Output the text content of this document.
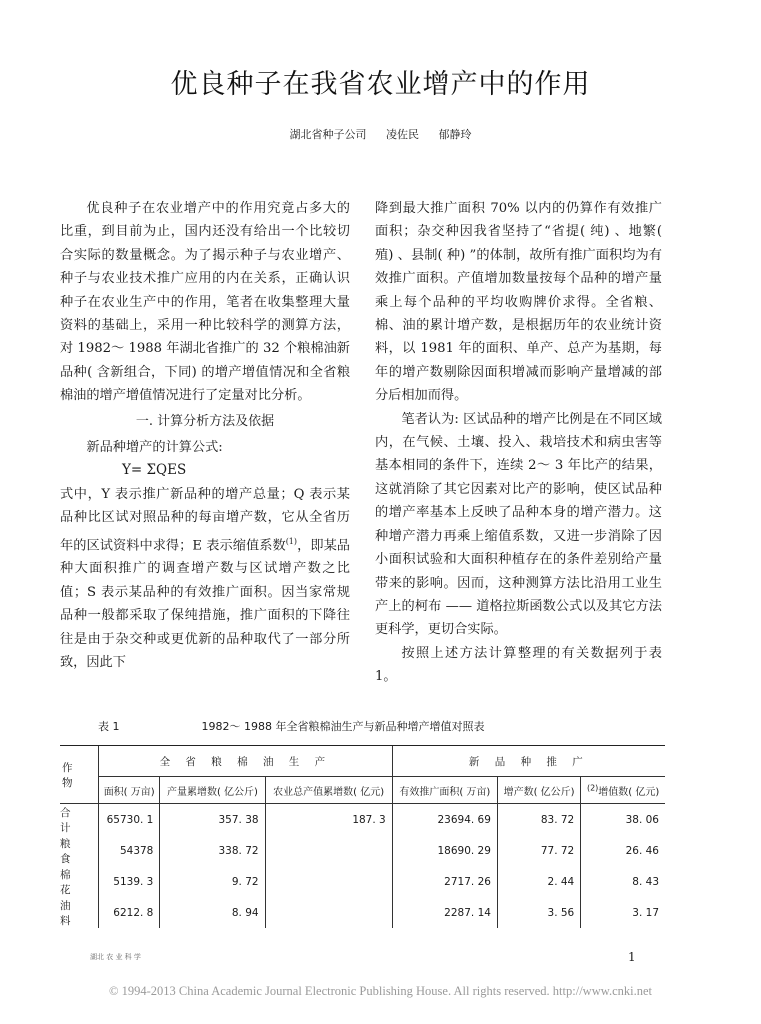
优良种子在我省农业增产中的作用
湖北省种子公司 凌佐民 郁静玲

优良种子在农业增产中的作用究竟占多大的比重，到目前为止，国内还没有给出一个比较切合实际的数量概念。为了揭示种子与农业增产、种子与农业技术推广应用的内在关系，正确认识种子在农业生产中的作用，笔者在收集整理大量资料的基础上，采用一种比较科学的测算方法，对 1982～ 1988 年湖北省推广的 32 个粮棉油新品种( 含新组合，下同) 的增产增值情况和全省粮棉油的增产增值情况进行了定量对比分析。

一. 计算分析方法及依据

新品种增产的计算公式:

Y= ΣQES

式中，Y 表示推广新品种的增产总量；Q 表示某品种比区试对照品种的每亩增产数，它从全省历年的区试资料中求得；E 表示缩值系数$^{(1)}$，即某品种大面积推广的调查增产数与区试增产数之比值；S 表示某品种的有效推广面积。因当家常规品种一般都采取了保纯措施，推广面积的下降往往是由于杂交种或更优新的品种取代了一部分所致，因此下

降到最大推广面积 70% 以内的仍算作有效推广面积；杂交种因我省坚持了“省提( 纯) 、地繁( 殖) 、县制( 种) ”的体制，故所有推广面积均为有效推广面积。产值增加数量按每个品种的增产量乘上每个品种的平均收购牌价求得。全省粮、棉、油的累计增产数，是根据历年的农业统计资料，以 1981 年的面积、单产、总产为基期，每年的增产数剔除因面积增减而影响产量增减的部分后相加而得。

笔者认为: 区试品种的增产比例是在不同区域内，在气候、土壤、投入、栽培技术和病虫害等基本相同的条件下，连续 2～ 3 年比产的结果，这就消除了其它因素对比产的影响，使区试品种的增产率基本上反映了品种本身的增产潜力。这种增产潜力再乘上缩值系数，又进一步消除了因小面积试验和大面积种植存在的条件差别给产量带来的影响。因而，这种测算方法比沿用工业生产上的柯布 —— 道格拉斯函数公式以及其它方法更科学，更切合实际。

按照上述方法计算整理的有关数据列于表 1。

表 1	1982～ 1988 年全省粮棉油生产与新品种增产增值对照表
作 物	全 省 粮 棉 油 生 产			新 品 种 推 广		
	面积( 万亩)	产量累增数( 亿公斤)	农业总产值累增数( 亿元)	有效推广面积( 万亩)	增产数( 亿公斤)	$^{(2)}$增值数( 亿元)
合计	65730. 1	357. 38	187. 3	23694. 69	83. 72	38. 06
粮食	54378	338. 72		18690. 29	77. 72	26. 46
棉花	5139. 3	9. 72		2717. 26	2. 44	8. 43
油料	6212. 8	8. 94		2287. 14	3. 56	3. 17
湖北 农 业 科 学	1
© 1994-2013 China Academic Journal Electronic Publishing House. All rights reserved. http://www.cnki.net
